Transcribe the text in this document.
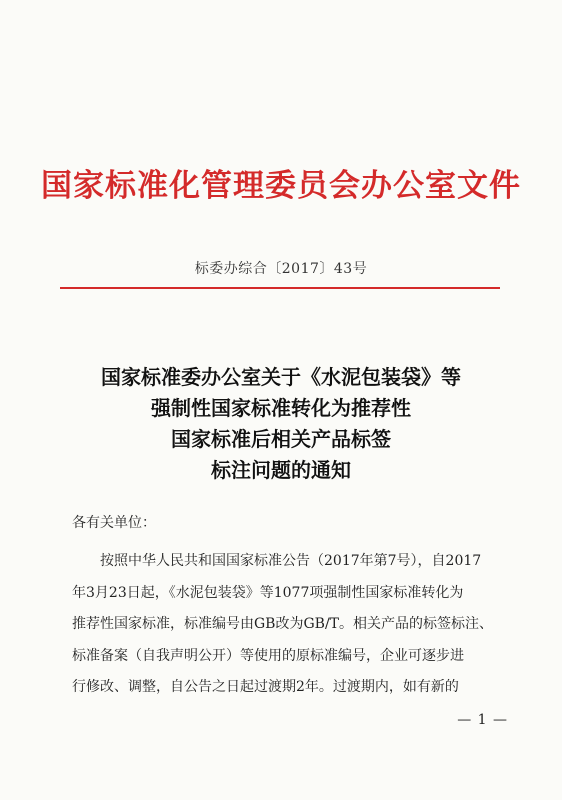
国家标准化管理委员会办公室文件
标委办综合〔2017〕43号
国家标准委办公室关于《水泥包装袋》等
强制性国家标准转化为推荐性
国家标准后相关产品标签
标注问题的通知
各有关单位：
按照中华人民共和国国家标准公告（2017年第7号），自2017
年3月23日起，《水泥包装袋》等1077项强制性国家标准转化为
推荐性国家标准，标准编号由GB改为GB/T。相关产品的标签标注、
标准备案（自我声明公开）等使用的原标准编号，企业可逐步进
行修改、调整，自公告之日起过渡期2年。过渡期内，如有新的
— 1 —
